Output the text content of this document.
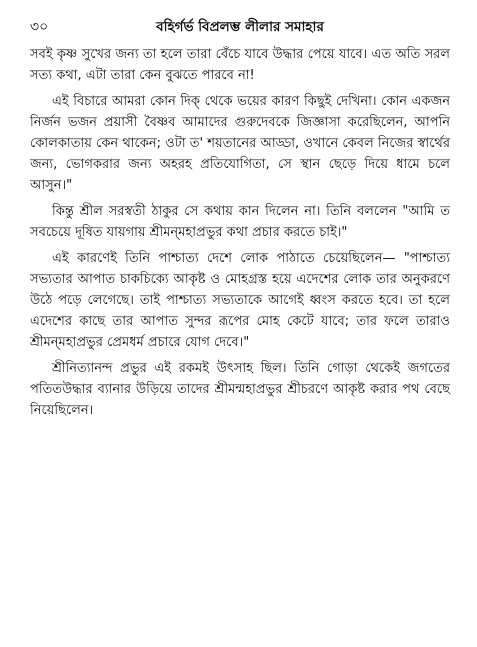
৩০	বহির্গর্ভ বিপ্রলম্ভ লীলার সমাহার

সবই কৃষ্ণ সুখের জন্য তা হলে তারা বেঁচে যাবে উদ্ধার পেয়ে যাবে। এত অতি সরল সত্য কথা, এটা তারা কেন বুঝতে পারবে না!

এই বিচারে আমরা কোন দিক্ থেকে ভয়ের কারণ কিছুই দেখিনা। কোন একজন নির্জন ভজন প্রয়াসী বৈষ্ণব আমাদের গুরুদেবকে জিজ্ঞাসা করেছিলেন, আপনি কোলকাতায় কেন থাকেন; ওটা ত' শয়তানের আড্ডা, ওখানে কেবল নিজের স্বার্থের জন্য, ভোগকরার জন্য অহরহ প্রতিযোগিতা, সে স্থান ছেড়ে দিয়ে ধামে চলে আসুন।"

কিন্তু শ্রীল সরস্বতী ঠাকুর সে কথায় কান দিলেন না। তিনি বললেন "আমি ত সবচেয়ে দূষিত যায়গায় শ্রীমন্‌মহাপ্রভুর কথা প্রচার করতে চাই।"

এই কারণেই তিনি পাশ্চাত্য দেশে লোক পাঠাতে চেয়েছিলেন— "পাশ্চাত্য সভ্যতার আপাত চাকচিক্যে আকৃষ্ট ও মোহগ্রস্ত হয়ে এদেশের লোক তার অনুকরণে উঠে পড়ে লেগেছে। তাই পাশ্চাত্য সভ্যতাকে আগেই ধ্বংস করতে হবে। তা হলে এদেশের কাছে তার আপাত সুন্দর রূপের মোহ কেটে যাবে; তার ফলে তারাও শ্রীমন্‌মহাপ্রভুর প্রেমধর্ম প্রচারে যোগ দেবে।"

শ্রীনিত্যানন্দ প্রভুর এই রকমই উৎসাহ ছিল। তিনি গোড়া থেকেই জগতের পতিতউদ্ধার ব্যানার উড়িয়ে তাদের শ্রীমন্মহাপ্রভুর শ্রীচরণে আকৃষ্ট করার পথ বেছে নিয়েছিলেন।
